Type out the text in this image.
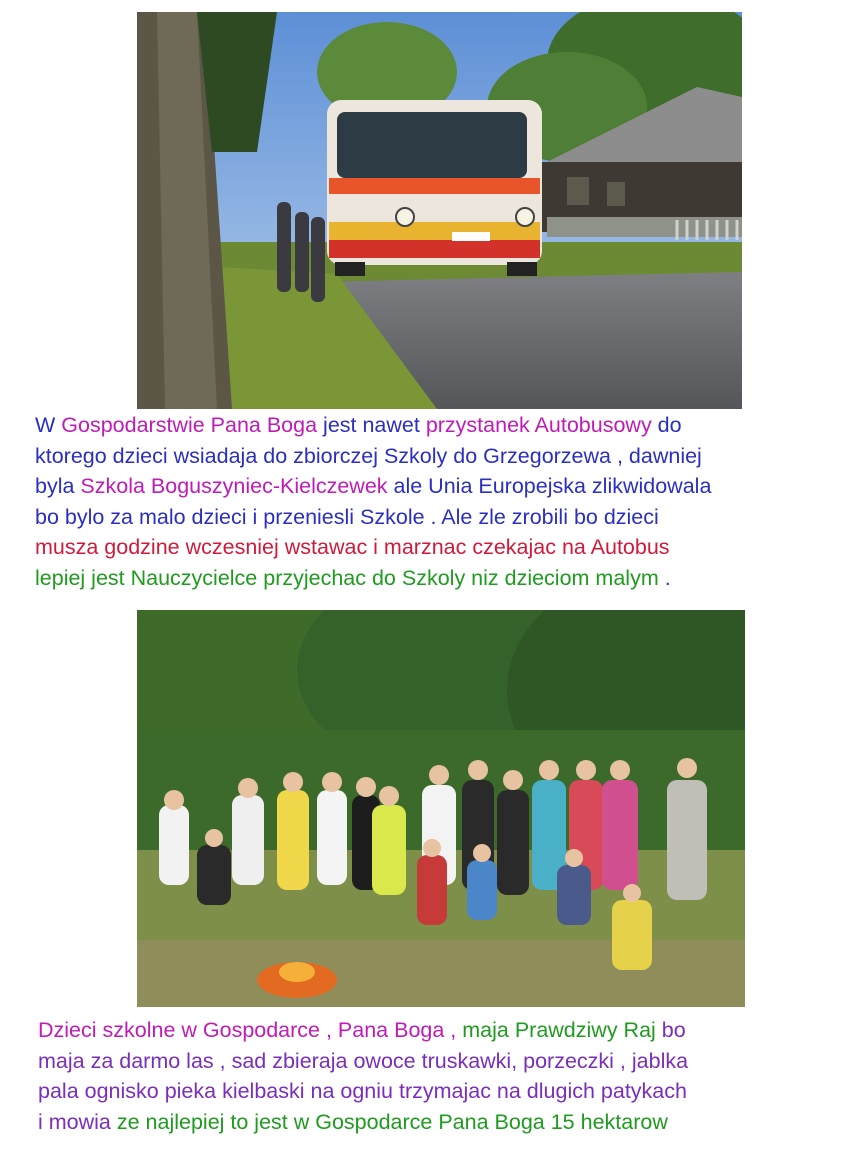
W Gospodarstwie Pana Boga jest nawet przystanek Autobusowy do
ktorego dzieci wsiadaja do zbiorczej Szkoly do Grzegorzewa , dawniej
byla Szkola Boguszyniec-Kielczewek ale Unia Europejska zlikwidowala
bo bylo za malo dzieci i przeniesli Szkole . Ale zle zrobili bo dzieci
musza godzine wczesniej wstawac i marznac czekajac na Autobus
lepiej jest Nauczycielce przyjechac do Szkoly niz dzieciom malym .
Dzieci szkolne w Gospodarce , Pana Boga , maja Prawdziwy Raj bo
maja za darmo las , sad zbieraja owoce truskawki, porzeczki , jablka
pala ognisko pieka kielbaski na ogniu trzymajac na dlugich patykach
i mowia ze najlepiej to jest w Gospodarce Pana Boga 15 hektarow
